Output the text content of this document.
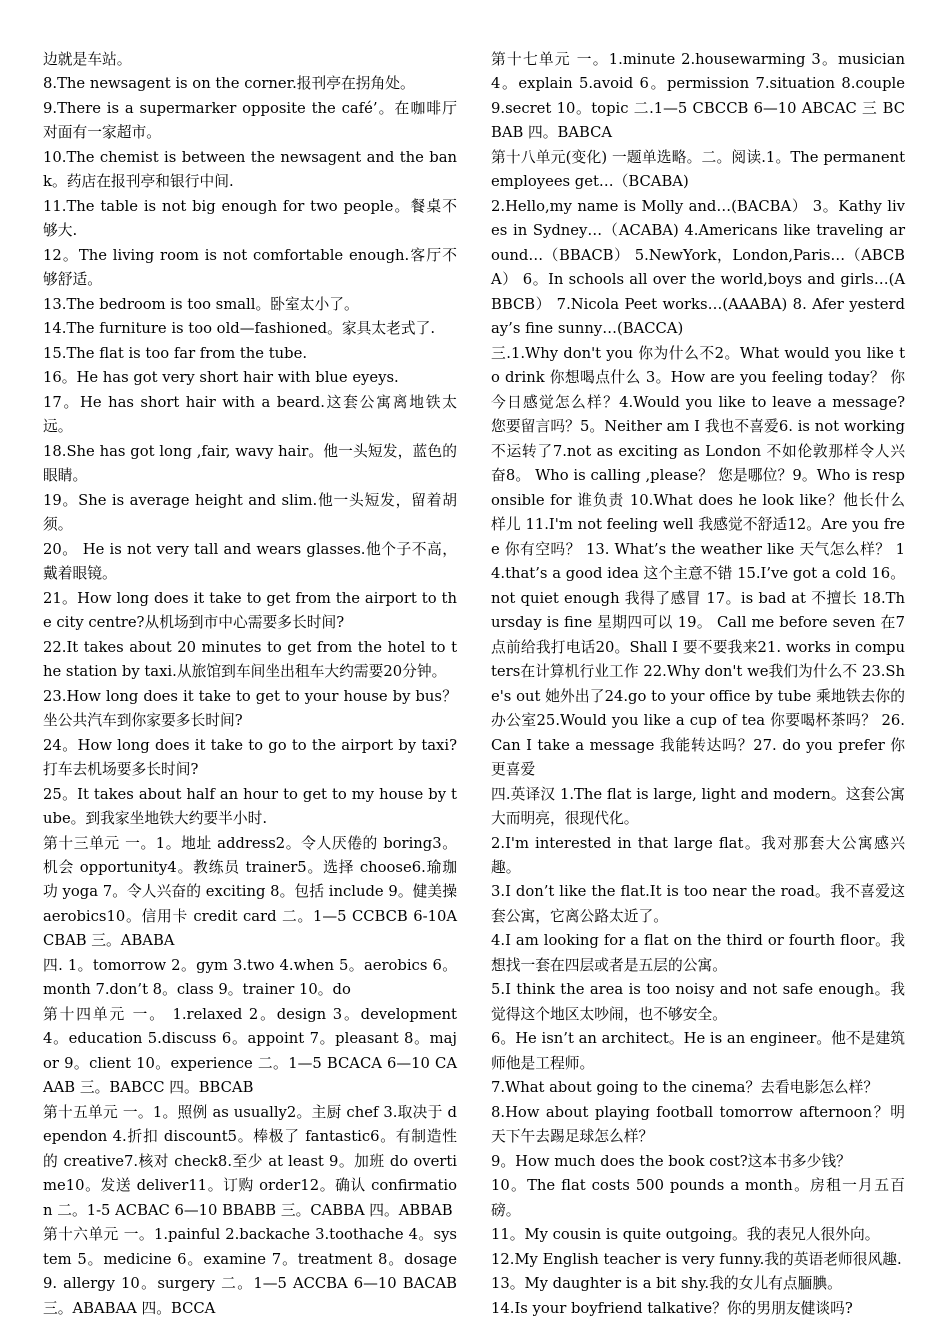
边就是车站。

8.The newsagent is on the corner.报刊亭在拐角处。

9.There is a supermarker opposite the café’。在咖啡厅对面有一家超市。

10.The chemist is between the newsagent and the bank。药店在报刊亭和银行中间.

11.The table is not big enough for two people。餐桌不够大.

12。The living room is not comfortable enough.客厅不够舒适。

13.The bedroom is too small。卧室太小了。

14.The furniture is too old—fashioned。家具太老式了.

15.The flat is too far from the tube.

16。He has got very short hair with blue eyeys.

17。He has short hair with a beard.这套公寓离地铁太远。

18.She has got long ,fair, wavy hair。他一头短发，蓝色的眼睛。

19。She is average height and slim.他一头短发，留着胡须。

20。 He is not very tall and wears glasses.他个子不高，戴着眼镜。

21。How long does it take to get from the airport to the city centre?从机场到市中心需要多长时间?

22.It takes about 20 minutes to get from the hotel to the station by taxi.从旅馆到车间坐出租车大约需要20分钟。

23.How long does it take to get to your house by bus？坐公共汽车到你家要多长时间?

24。How long does it take to go to the airport by taxi?打车去机场要多长时间?

25。It takes about half an hour to get to my house by tube。到我家坐地铁大约要半小时.

第十三单元 一。1。地址 address2。令人厌倦的 boring3。机会 opportunity4。教练员 trainer5。选择 choose6.瑜珈功 yoga 7。令人兴奋的 exciting 8。包括 include 9。健美操 aerobics10。信用卡 credit card 二。1—5 CCBCB 6-10ACBAB 三。ABABA

四. 1。tomorrow 2。gym 3.two 4.when 5。aerobics 6。month 7.don’t 8。class 9。trainer 10。do

第十四单元 一。 1.relaxed 2。design 3。development 4。education 5.discuss 6。appoint 7。pleasant 8。major 9。client 10。experience 二。1—5 BCACA 6—10 CAAAB 三。BABCC 四。BBCAB

第十五单元 一。1。照例 as usually2。主厨 chef 3.取决于 dependon 4.折扣 discount5。棒极了 fantastic6。有制造性的 creative7.核对 check8.至少 at least 9。加班 do overtime10。发送 deliver11。订购 order12。确认 confirmation 二。1-5 ACBAC 6—10 BBABB 三。CABBA 四。ABBAB

第十六单元 一。1.painful 2.backache 3.toothache 4。system 5。medicine 6。examine 7。treatment 8。dosage 9. allergy 10。surgery 二。1—5 ACCBA 6—10 BACAB 三。ABABAA 四。BCCA

第十七单元 一。1.minute 2.housewarming 3。musician 4。explain 5.avoid 6。permission 7.situation 8.couple 9.secret 10。topic 二.1—5 CBCCB 6—10 ABCAC 三 BCBAB 四。BABCA

第十八单元(变化) 一题单选略。二。阅读.1。The permanent employees get…（BCABA)

2.Hello,my name is Molly and…(BACBA） 3。Kathy lives in Sydney…（ACABA) 4.Americans like traveling around…（BBACB） 5.NewYork，London,Paris…（ABCBA） 6。In schools all over the world,boys and girls…(ABBCB） 7.Nicola Peet works…(AAABA) 8. Afer yesterday’s fine sunny…(BACCA)

三.1.Why don't you 你为什么不2。What would you like to drink 你想喝点什么 3。How are you feeling today？ 你今日感觉怎么样？4.Would you like to leave a message? 您要留言吗？5。Neither am I 我也不喜爱6. is not working 不运转了7.not as exciting as London 不如伦敦那样令人兴奋8。 Who is calling ,please？ 您是哪位？9。Who is responsible for 谁负责 10.What does he look like？他长什么样儿 11.I'm not feeling well 我感觉不舒适12。Are you free 你有空吗？ 13. What’s the weather like 天气怎么样？ 14.that’s a good idea 这个主意不错 15.I’ve got a cold 16。not quiet enough 我得了感冒 17。is bad at 不擅长 18.Thursday is fine 星期四可以 19。 Call me before seven 在7点前给我打电话20。Shall I 要不要我来21. works in computers在计算机行业工作 22.Why don't we我们为什么不 23.She's out 她外出了24.go to your office by tube 乘地铁去你的办公室25.Would you like a cup of tea 你要喝杯茶吗？ 26.Can I take a message 我能转达吗？27. do you prefer 你更喜爱

四.英译汉 1.The flat is large, light and modern。这套公寓大而明亮，很现代化。

2.I'm interested in that large flat。我对那套大公寓感兴趣。

3.I don’t like the flat.It is too near the road。我不喜爱这套公寓，它离公路太近了。

4.I am looking for a flat on the third or fourth floor。我想找一套在四层或者是五层的公寓。

5.I think the area is too noisy and not safe enough。我觉得这个地区太吵闹，也不够安全。

6。He isn’t an architect。He is an engineer。他不是建筑师他是工程师。

7.What about going to the cinema？去看电影怎么样？

8.How about playing football tomorrow afternoon？明天下午去踢足球怎么样？

9。How much does the book cost?这本书多少钱？

10。The flat costs 500 pounds a month。房租一月五百磅。

11。My cousin is quite outgoing。我的表兄人很外向。

12.My English teacher is very funny.我的英语老师很风趣.

13。My daughter is a bit shy.我的女儿有点腼腆。

14.Is your boyfriend talkative？你的男朋友健谈吗?
